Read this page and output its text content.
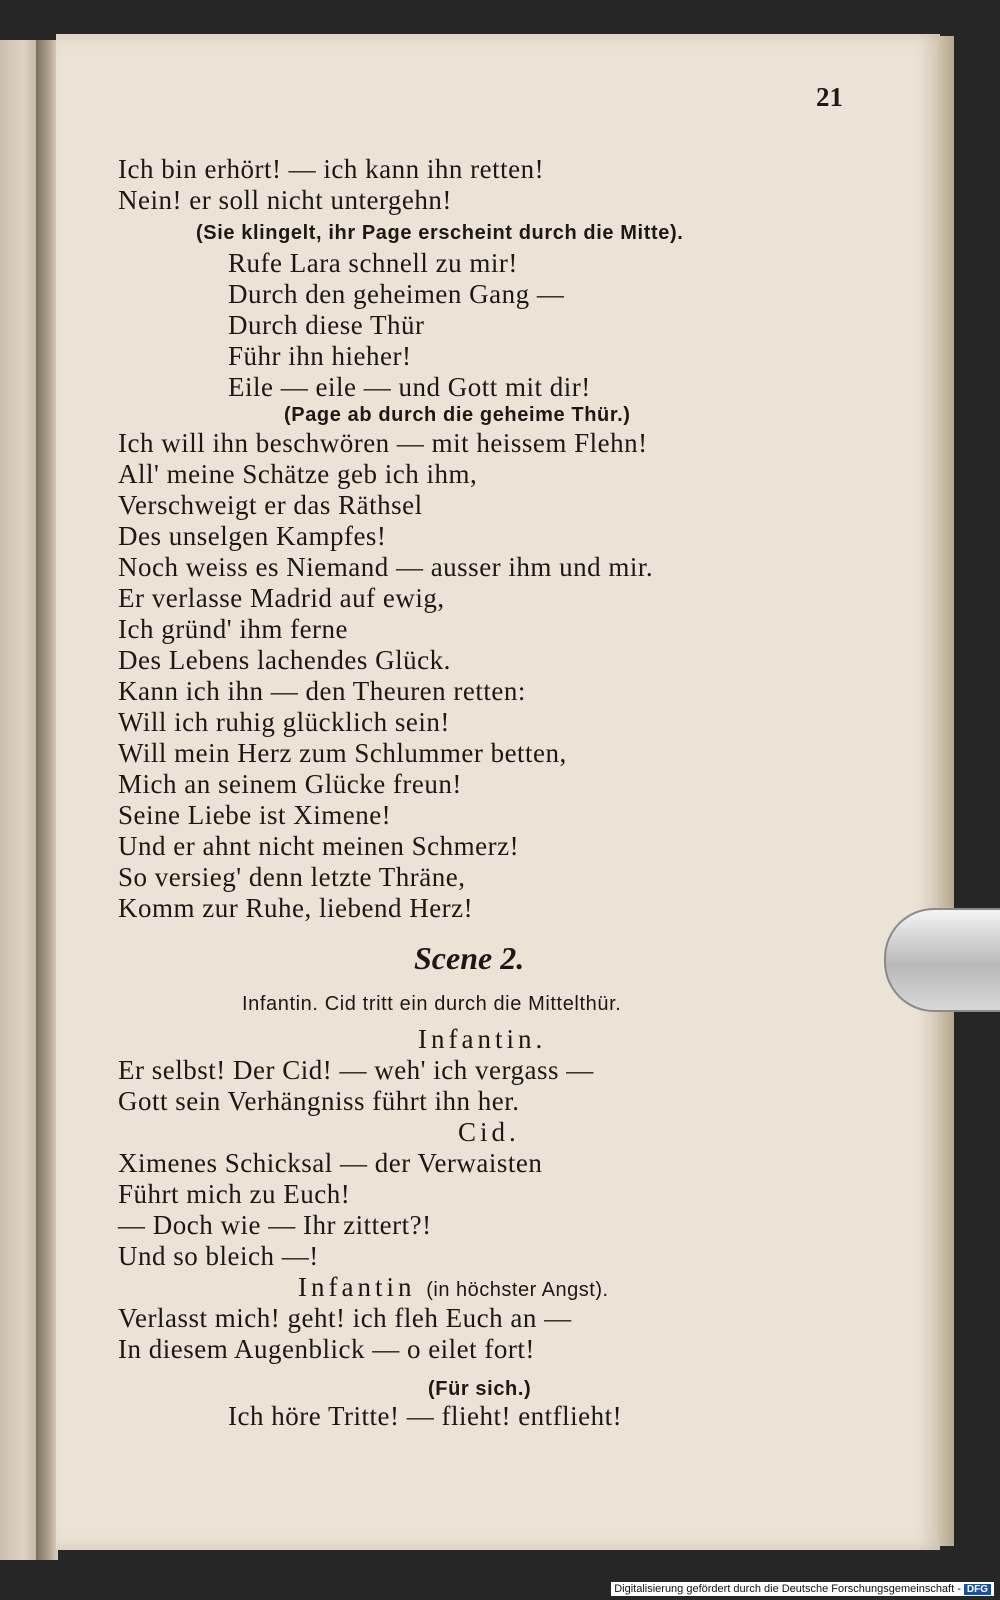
21
Ich bin erhört! — ich kann ihn retten!
Nein! er soll nicht untergehn!
(Sie klingelt, ihr Page erscheint durch die Mitte).
Rufe Lara schnell zu mir!
Durch den geheimen Gang —
Durch diese Thür
Führ ihn hieher!
Eile — eile — und Gott mit dir!
(Page ab durch die geheime Thür.)
Ich will ihn beschwören — mit heissem Flehn!
All' meine Schätze geb ich ihm,
Verschweigt er das Räthsel
Des unselgen Kampfes!
Noch weiss es Niemand — ausser ihm und mir.
Er verlasse Madrid auf ewig,
Ich gründ' ihm ferne
Des Lebens lachendes Glück.
Kann ich ihn — den Theuren retten:
Will ich ruhig glücklich sein!
Will mein Herz zum Schlummer betten,
Mich an seinem Glücke freun!
Seine Liebe ist Ximene!
Und er ahnt nicht meinen Schmerz!
So versieg' denn letzte Thräne,
Komm zur Ruhe, liebend Herz!
Scene 2.
Infantin. Cid tritt ein durch die Mittelthür.
Infantin.
Er selbst! Der Cid! — weh' ich vergass —
Gott sein Verhängniss führt ihn her.
Cid.
Ximenes Schicksal — der Verwaisten
Führt mich zu Euch!
— Doch wie — Ihr zittert?!
Und so bleich —!
Infantin (in höchster Angst).
Verlasst mich! geht! ich fleh Euch an —
In diesem Augenblick — o eilet fort!
(Für sich.)
Ich höre Tritte! — flieht! entflieht!
Digitalisierung gefördert durch die Deutsche Forschungsgemeinschaft - DFG
